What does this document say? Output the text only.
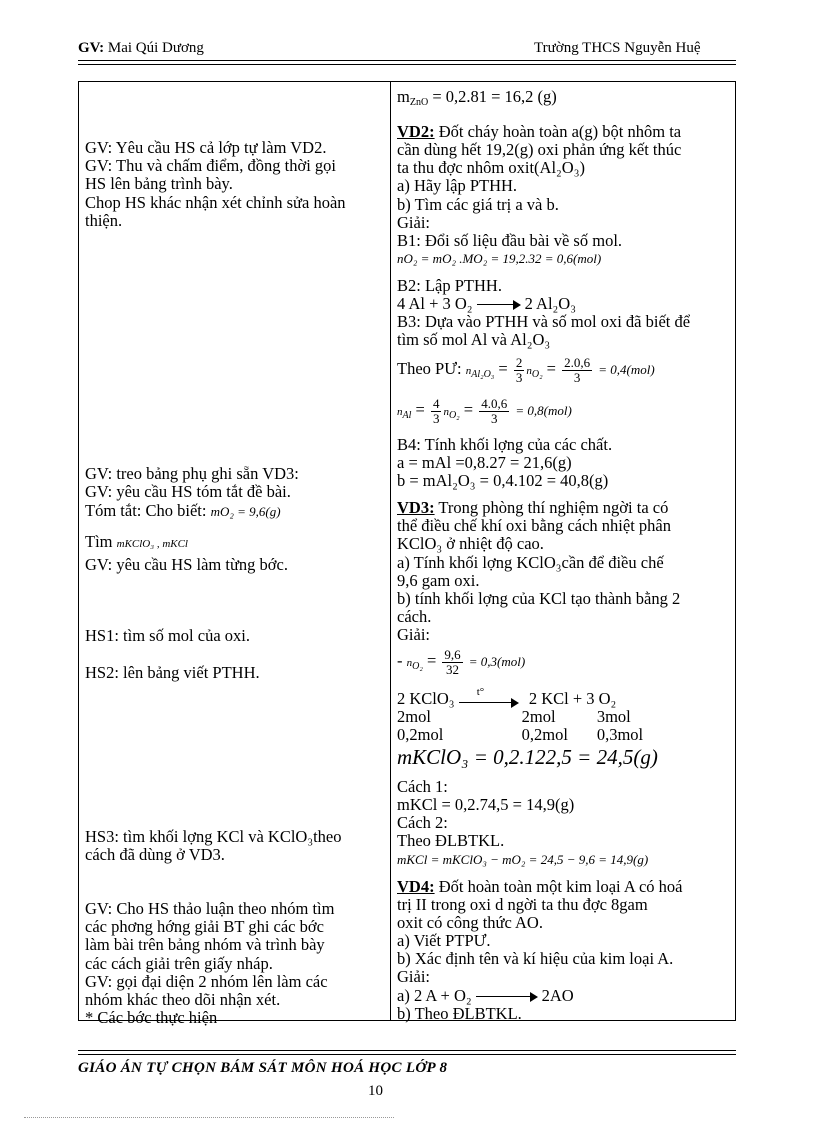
GV: Mai Qúi Dương	Trường THCS Nguyễn Huệ
GV: Yêu cầu HS cả lớp tự làm VD2.
GV: Thu và chấm điểm, đồng thời gọi
HS lên bảng trình bày.
Chop HS khác nhận xét chỉnh sửa hoàn
thiện.
GV: treo bảng phụ ghi sẵn VD3:
GV: yêu cầu HS tóm tắt đề bài.
Tóm tắt: Cho biết: mO₂ = 9,6(g)
Tìm mKClO₃ , mKCl
GV: yêu cầu HS làm từng bớc.
HS1: tìm số mol của oxi.
HS2: lên bảng viết PTHH.
HS3: tìm khối lợng KCl và KClO₃theo
cách đã dùng ở VD3.
GV: Cho HS thảo luận theo nhóm tìm
các phơng hớng giải BT ghi các bớc
làm bài trên bảng nhóm và trình bày
các cách giải trên giấy nháp.
GV: gọi đại diện 2 nhóm lên làm các
nhóm khác theo dõi nhận xét.
* Các bớc thực hiện
$m_{ZnO} = 0,2.81 = 16,2$ (g)
VD2: Đốt cháy hoàn toàn a(g) bột nhôm ta
cần dùng hết 19,2(g) oxi phản ứng kết thúc
ta thu đợc nhôm oxit(Al₂O₃)
a) Hãy lập PTHH.
b) Tìm các giá trị a và b.
Giải:
B1: Đổi số liệu đầu bài về số mol.
nO₂ = mO₂ .MO₂ = 19,2.32 = 0,6(mol)
B2: Lập PTHH.
4 Al + 3 O₂	2 Al₂O₃
B3: Dựa vào PTHH và số mol oxi đã biết để
tìm số mol Al và Al₂O₃
Theo PƯ: $n_{Al_2O_3} = \frac{2}{3} n_{O_2} = \frac{2.0,6}{3} = 0,4(mol)$
$n_{Al} = \frac{4}{3} n_{O_2} = \frac{4.0,6}{3} = 0,8(mol)$
B4: Tính khối lợng của các chất.
a = mAl =0,8.27 = 21,6(g)
b = mAl₂O₃ = 0,4.102 = 40,8(g)
VD3: Trong phòng thí nghiệm ngời ta có
thể điều chế khí oxi bằng cách nhiệt phân
KClO₃ ở nhiệt độ cao.
a) Tính khối lợng KClO₃cần để điều chế
9,6 gam oxi.
b) tính khối lợng của KCl tạo thành bằng 2
cách.
Giải:
- $n_{O_2} = \frac{9,6}{32} = 0,3(mol)$
2 KClO₃ t°	2 KCl + 3 O₂
2mol                      2mol          3mol
0,2mol                   0,2mol       0,3mol
mKClO₃ = 0,2.122,5 = 24,5(g)
Cách 1:
mKCl = 0,2.74,5 = 14,9(g)
Cách 2:
Theo ĐLBTKL.
mKCl = mKClO₃ − mO₂ = 24,5 − 9,6 = 14,9(g)
VD4: Đốt hoàn toàn một kim loại A có hoá
trị II trong oxi d ngời ta thu đợc 8gam
oxit có công thức AO.
a) Viết PTPƯ.
b) Xác định tên và kí hiệu của kim loại A.
Giải:
a) 2 A + O₂	2AO
b) Theo ĐLBTKL.
GIÁO ÁN TỰ CHỌN BÁM SÁT MÔN HOÁ HỌC LỚP 8
10
